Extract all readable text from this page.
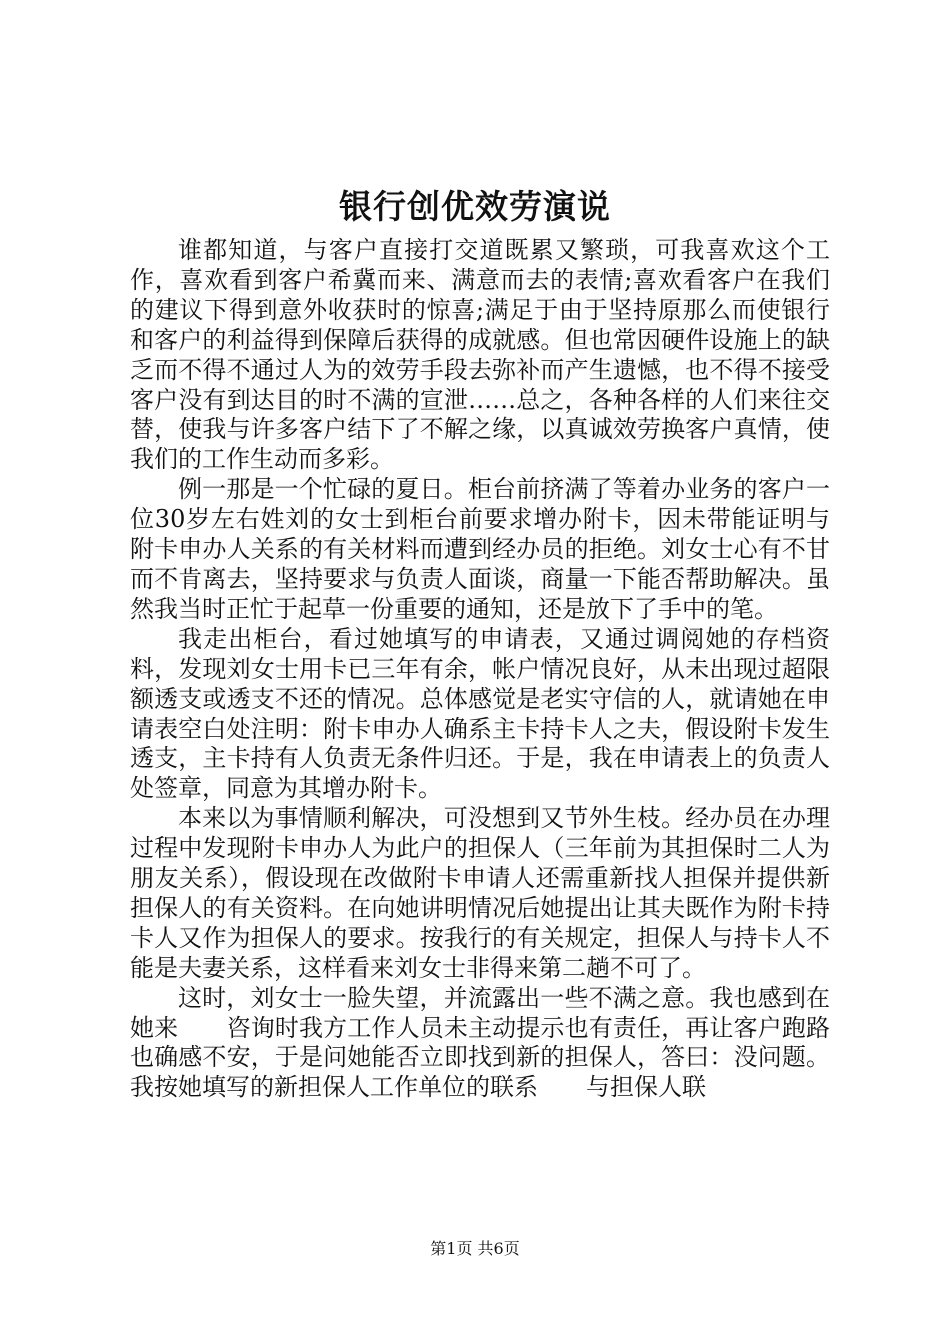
银行创优效劳演说

谁都知道，与客户直接打交道既累又繁琐，可我喜欢这个工作，喜欢看到客户希冀而来、满意而去的表情;喜欢看客户在我们的建议下得到意外收获时的惊喜;满足于由于坚持原那么而使银行和客户的利益得到保障后获得的成就感。但也常因硬件设施上的缺乏而不得不通过人为的效劳手段去弥补而产生遗憾，也不得不接受客户没有到达目的时不满的宣泄……总之，各种各样的人们来往交替，使我与许多客户结下了不解之缘，以真诚效劳换客户真情，使我们的工作生动而多彩。

例一那是一个忙碌的夏日。柜台前挤满了等着办业务的客户一位30岁左右姓刘的女士到柜台前要求增办附卡，因未带能证明与附卡申办人关系的有关材料而遭到经办员的拒绝。刘女士心有不甘而不肯离去，坚持要求与负责人面谈，商量一下能否帮助解决。虽然我当时正忙于起草一份重要的通知，还是放下了手中的笔。

我走出柜台，看过她填写的申请表，又通过调阅她的存档资料，发现刘女士用卡已三年有余，帐户情况良好，从未出现过超限额透支或透支不还的情况。总体感觉是老实守信的人，就请她在申请表空白处注明：附卡申办人确系主卡持卡人之夫，假设附卡发生透支，主卡持有人负责无条件归还。于是，我在申请表上的负责人处签章，同意为其增办附卡。

本来以为事情顺利解决，可没想到又节外生枝。经办员在办理过程中发现附卡申办人为此户的担保人（三年前为其担保时二人为朋友关系），假设现在改做附卡申请人还需重新找人担保并提供新担保人的有关资料。在向她讲明情况后她提出让其夫既作为附卡持卡人又作为担保人的要求。按我行的有关规定，担保人与持卡人不能是夫妻关系，这样看来刘女士非得来第二趟不可了。

这时，刘女士一脸失望，并流露出一些不满之意。我也感到在她来　　咨询时我方工作人员未主动提示也有责任，再让客户跑路也确感不安，于是问她能否立即找到新的担保人，答曰：没问题。我按她填写的新担保人工作单位的联系　　与担保人联

第1页 共6页
